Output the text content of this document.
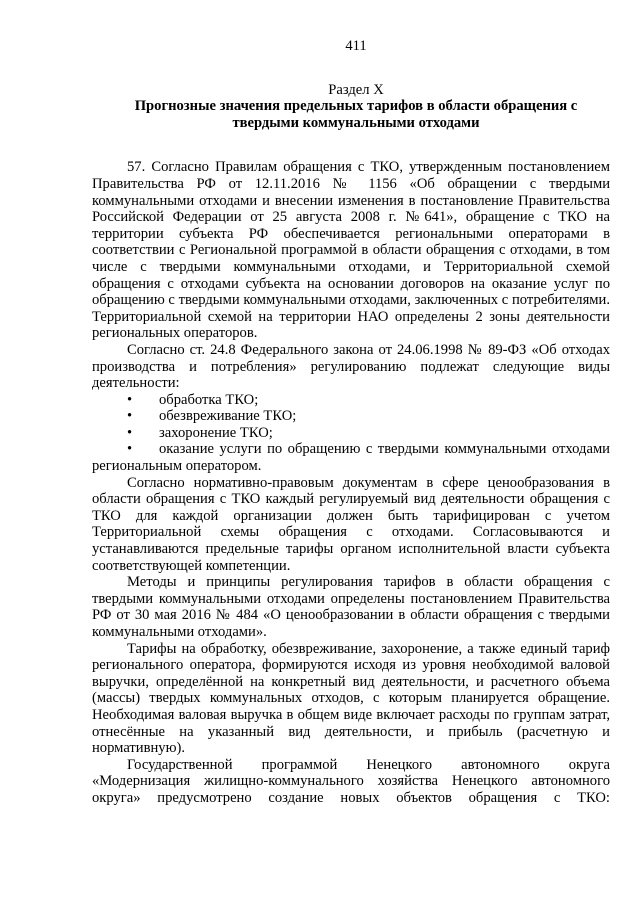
411
Раздел X
Прогнозные значения предельных тарифов в области обращения с твердыми коммунальными отходами

57. Согласно Правилам обращения с ТКО, утвержденным постановлением Правительства РФ от 12.11.2016 № 1156 «Об обращении с твердыми коммунальными отходами и внесении изменения в постановление Правительства Российской Федерации от 25 августа 2008 г. №641», обращение с ТКО на территории субъекта РФ обеспечивается региональными операторами в соответствии с Региональной программой в области обращения с отходами, в том числе с твердыми коммунальными отходами, и Территориальной схемой обращения с отходами субъекта на основании договоров на оказание услуг по обращению с твердыми коммунальными отходами, заключенных с потребителями. Территориальной схемой на территории НАО определены 2 зоны деятельности региональных операторов.

Согласно ст. 24.8 Федерального закона от 24.06.1998 № 89-ФЗ «Об отходах производства и потребления» регулированию подлежат следующие виды деятельности:

• обработка ТКО;
• обезвреживание ТКО;
• захоронение ТКО;
• оказание услуги по обращению с твердыми коммунальными отходами региональным оператором.

Согласно нормативно-правовым документам в сфере ценообразования в области обращения с ТКО каждый регулируемый вид деятельности обращения с ТКО для каждой организации должен быть тарифицирован с учетом Территориальной схемы обращения с отходами. Согласовываются и устанавливаются предельные тарифы органом исполнительной власти субъекта соответствующей компетенции.

Методы и принципы регулирования тарифов в области обращения с твердыми коммунальными отходами определены постановлением Правительства РФ от 30 мая 2016 № 484 «О ценообразовании в области обращения с твердыми коммунальными отходами».

Тарифы на обработку, обезвреживание, захоронение, а также единый тариф регионального оператора, формируются исходя из уровня необходимой валовой выручки, определённой на конкретный вид деятельности, и расчетного объема (массы) твердых коммунальных отходов, с которым планируется обращение. Необходимая валовая выручка в общем виде включает расходы по группам затрат, отнесённые на указанный вид деятельности, и прибыль (расчетную и нормативную).

Государственной программой Ненецкого автономного округа «Модернизация жилищно-коммунального хозяйства Ненецкого автономного округа» предусмотрено создание новых объектов обращения с ТКО:
